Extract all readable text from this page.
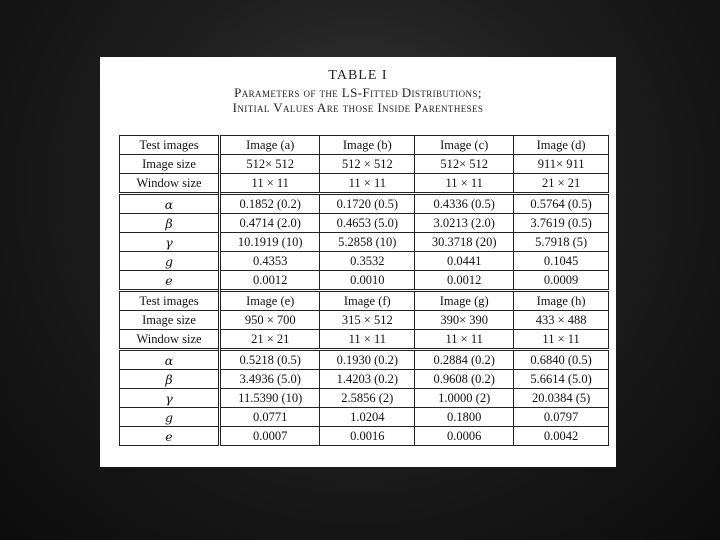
TABLE I
Parameters of the LS-Fitted Distributions;
Initial Values Are those Inside Parentheses
Test images	Image (a)	Image (b)	Image (c)	Image (d)
Image size	512× 512	512 × 512	512× 512	911× 911
Window size	11 × 11	11 × 11	11 × 11	21 × 21
α	0.1852 (0.2)	0.1720 (0.5)	0.4336 (0.5)	0.5764 (0.5)
β	0.4714 (2.0)	0.4653 (5.0)	3.0213 (2.0)	3.7619 (0.5)
γ	10.1919 (10)	5.2858 (10)	30.3718 (20)	5.7918 (5)
g	0.4353	0.3532	0.0441	0.1045
e	0.0012	0.0010	0.0012	0.0009
Test images	Image (e)	Image (f)	Image (g)	Image (h)
Image size	950 × 700	315 × 512	390× 390	433 × 488
Window size	21 × 21	11 × 11	11 × 11	11 × 11
α	0.5218 (0.5)	0.1930 (0.2)	0.2884 (0.2)	0.6840 (0.5)
β	3.4936 (5.0)	1.4203 (0.2)	0.9608 (0.2)	5.6614 (5.0)
γ	11.5390 (10)	2.5856 (2)	1.0000 (2)	20.0384 (5)
g	0.0771	1.0204	0.1800	0.0797
e	0.0007	0.0016	0.0006	0.0042
